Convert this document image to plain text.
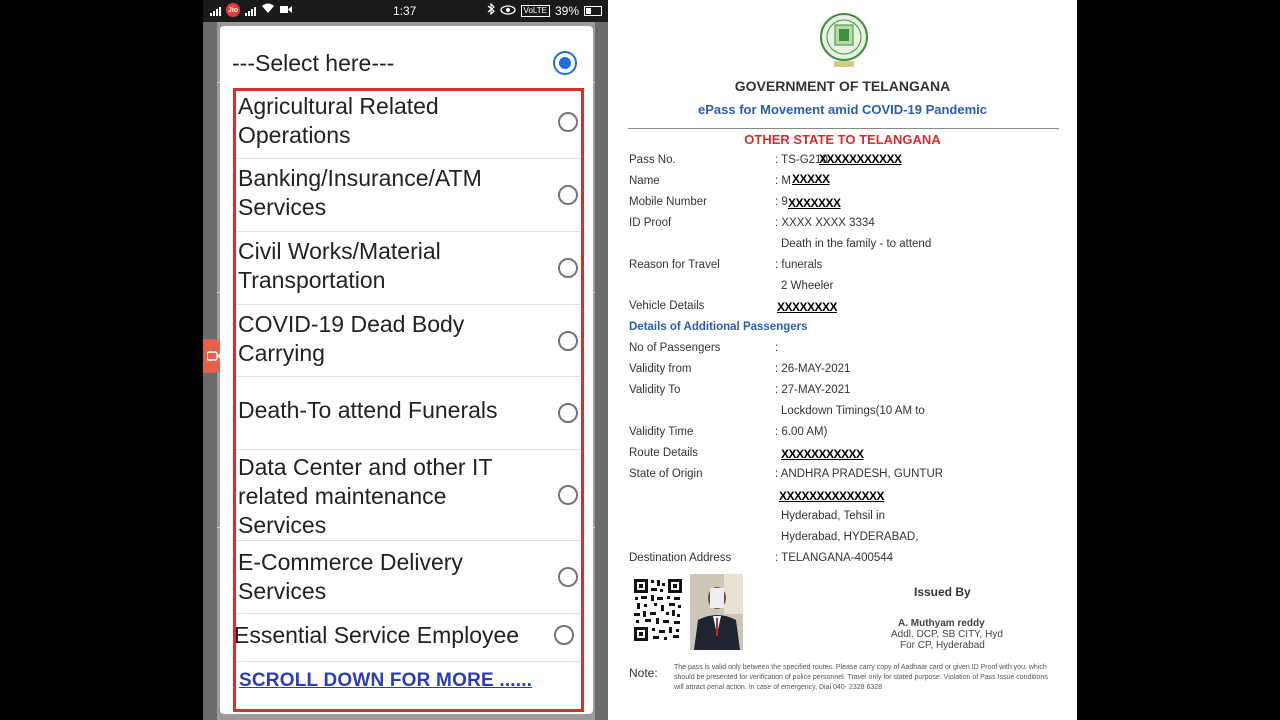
Jio	1:37	VoLTE 39%
---Select here---
Agricultural Related Operations
Banking/Insurance/ATM Services
Civil Works/Material Transportation
COVID-19 Dead Body Carrying
Death-To attend Funerals
Data Center and other IT related maintenance Services
E-Commerce Delivery Services
Essential Service Employee
SCROLL DOWN FOR MORE ......
GOVERNMENT OF TELANGANA
ePass for Movement amid COVID-19 Pandemic
OTHER STATE TO TELANGANA
Pass No.
Name
Mobile Number
ID Proof
Reason for Travel
Vehicle Details
Details of Additional Passengers
No of Passengers
Validity from
Validity To
Validity Time
Route Details
State of Origin
Destination Address
: TS-G210
XXXXXXXXXXX
: M XXXXX
: 9 XXXXXXX
: XXXX XXXX 3334
Death in the family - to attend
: funerals
2 Wheeler
XXXXXXXX
:
: 26-MAY-2021
: 27-MAY-2021
Lockdown Timings(10 AM to
: 6.00 AM)
XXXXXXXXXXX
: ANDHRA PRADESH, GUNTUR
XXXXXXXXXXXXXX
Hyderabad, Tehsil in
Hyderabad, HYDERABAD,
: TELANGANA-400544
Issued By
A. Muthyam reddy
Addl. DCP, SB CITY, Hyd
For CP, Hyderabad
Note: The pass is valid only between the specified routes. Please carry copy of Aadhaar card or given ID Proof with you, which should be presented for verification of police personnel. Travel only for stated purpose. Violation of Pass Issue conditions will attract penal action. In case of emergency, Dial 040- 2328 6328
